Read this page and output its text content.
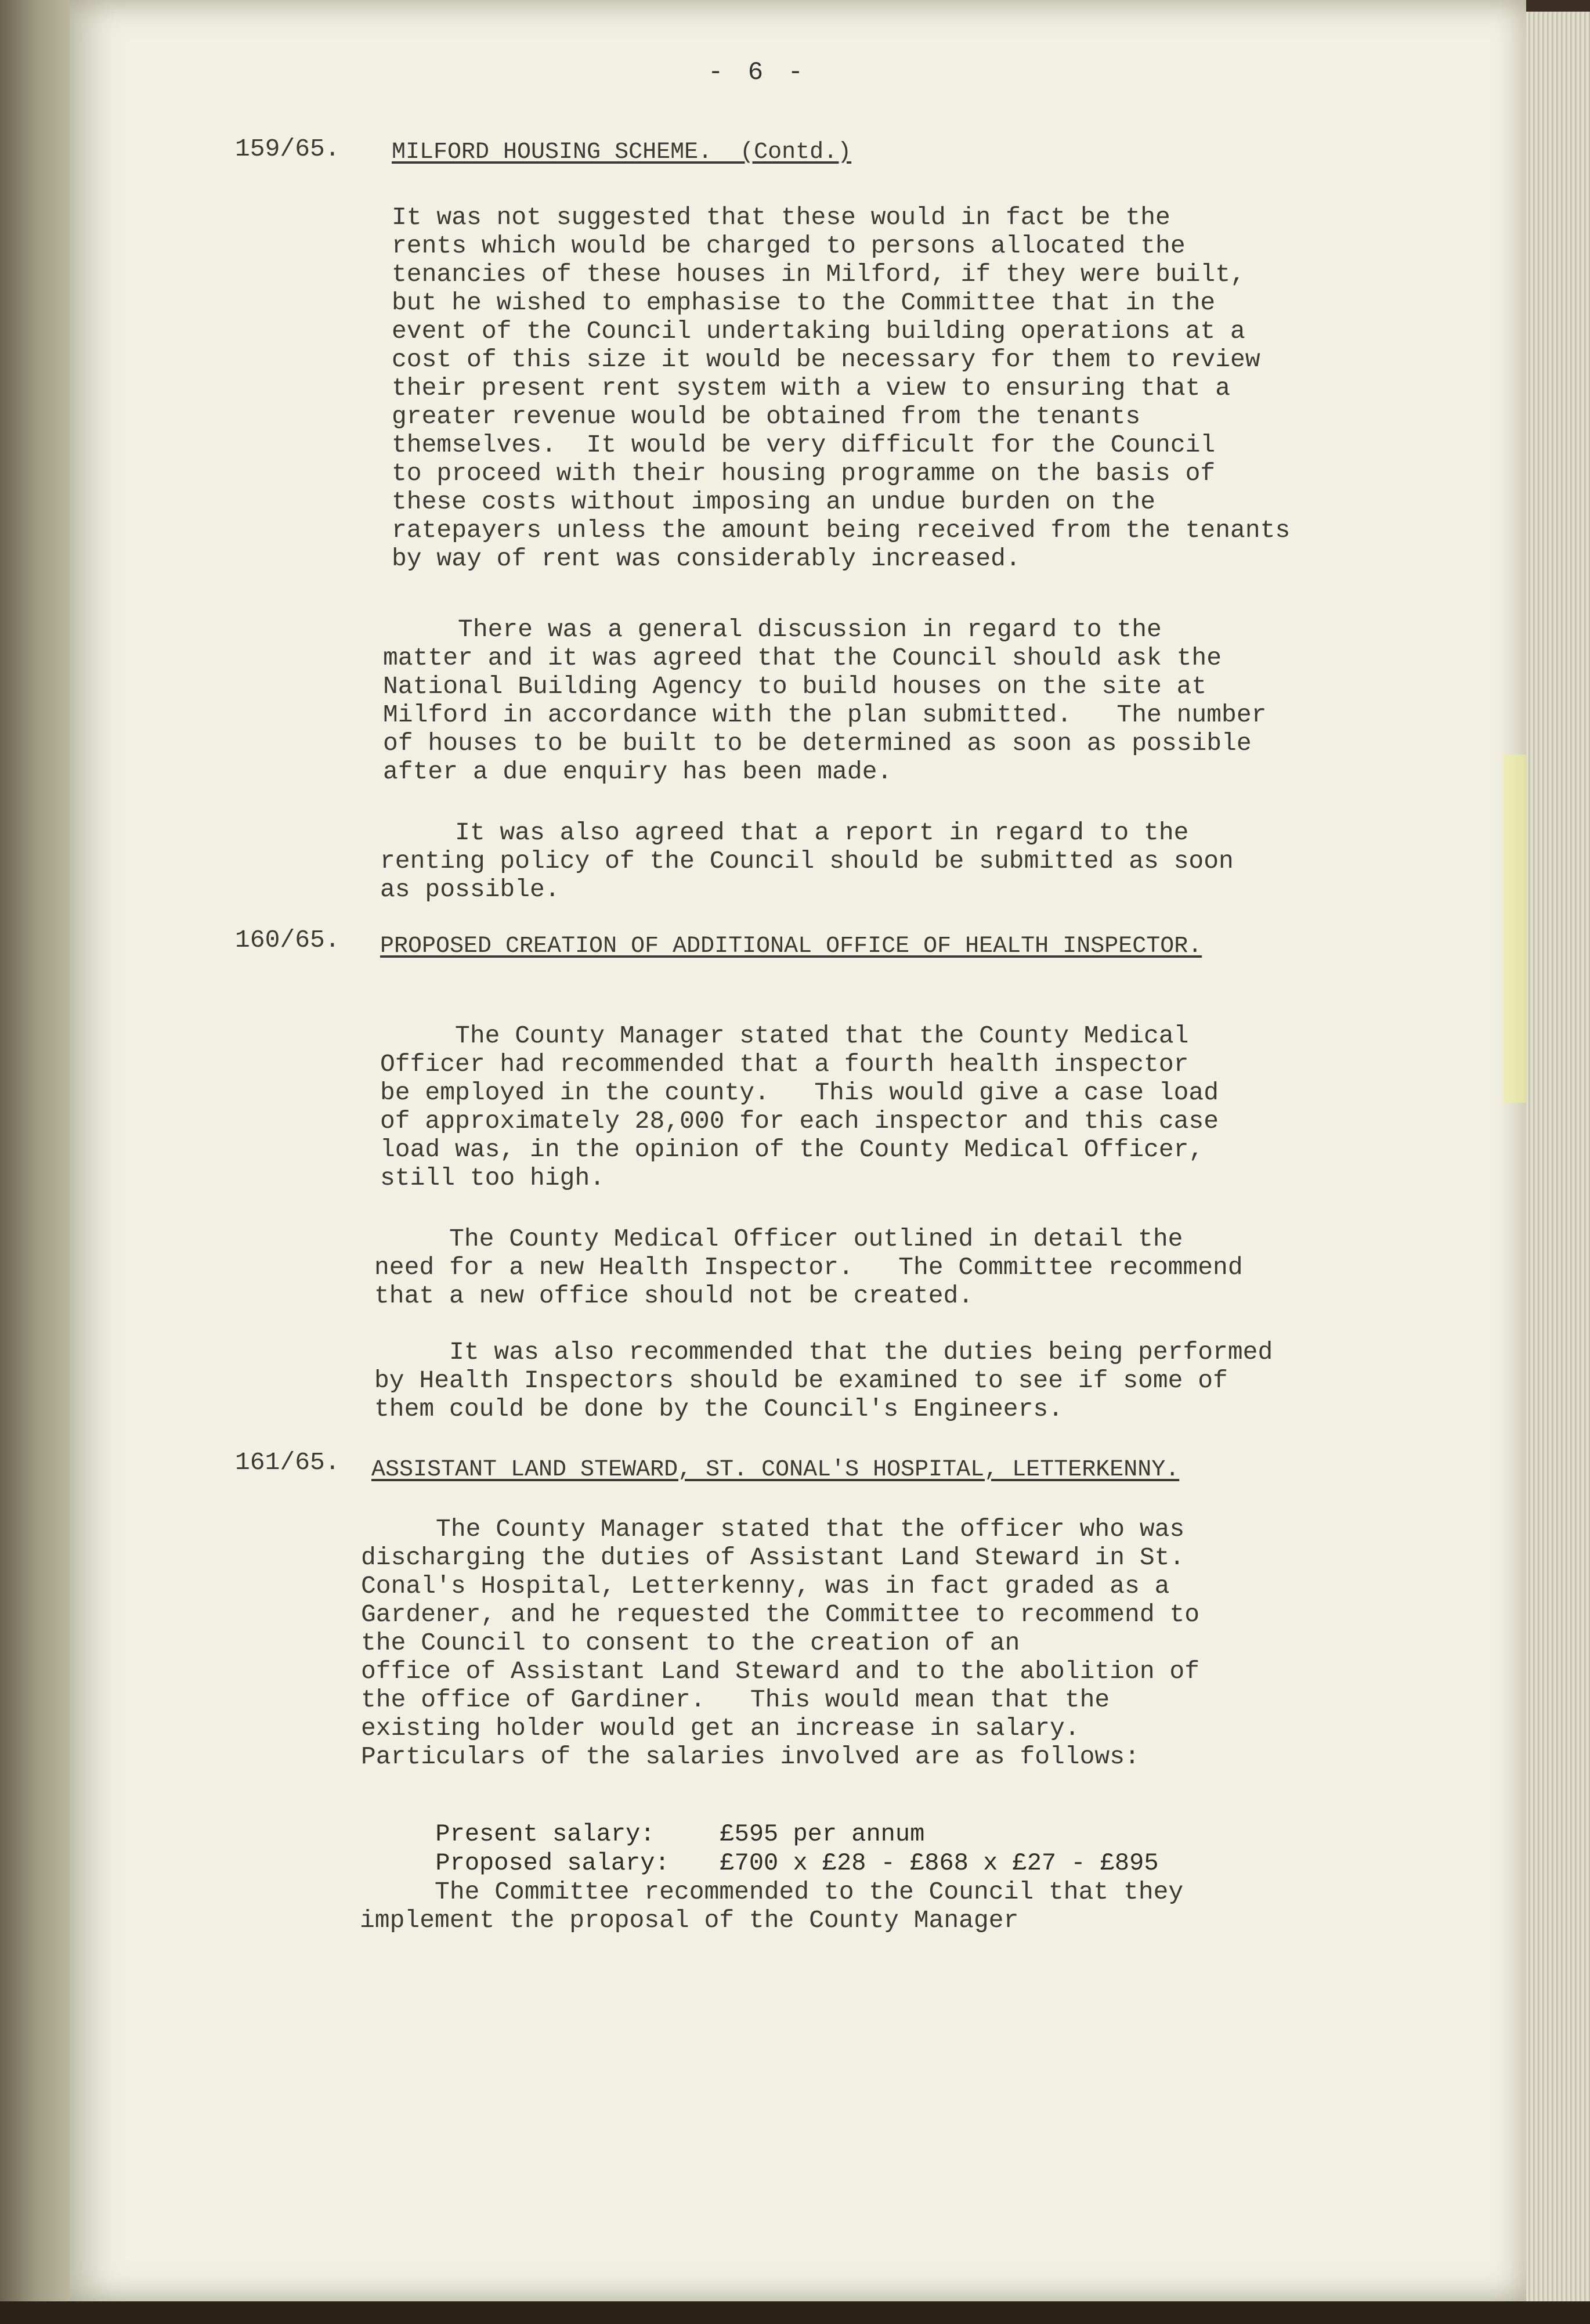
- 6 -
159/65. MILFORD HOUSING SCHEME.  (Contd.)
It was not suggested that these would in fact be the
rents which would be charged to persons allocated the
tenancies of these houses in Milford, if they were built,
but he wished to emphasise to the Committee that in the
event of the Council undertaking building operations at a
cost of this size it would be necessary for them to review
their present rent system with a view to ensuring that a
greater revenue would be obtained from the tenants
themselves.  It would be very difficult for the Council
to proceed with their housing programme on the basis of
these costs without imposing an undue burden on the
ratepayers unless the amount being received from the tenants
by way of rent was considerably increased.
There was a general discussion in regard to the
matter and it was agreed that the Council should ask the
National Building Agency to build houses on the site at
Milford in accordance with the plan submitted.   The number
of houses to be built to be determined as soon as possible
after a due enquiry has been made.
It was also agreed that a report in regard to the
renting policy of the Council should be submitted as soon
as possible.
160/65. PROPOSED CREATION OF ADDITIONAL OFFICE OF HEALTH INSPECTOR.
The County Manager stated that the County Medical
Officer had recommended that a fourth health inspector
be employed in the county.   This would give a case load
of approximately 28,000 for each inspector and this case
load was, in the opinion of the County Medical Officer,
still too high.
The County Medical Officer outlined in detail the
need for a new Health Inspector.   The Committee recommend
that a new office should not be created.
It was also recommended that the duties being performed
by Health Inspectors should be examined to see if some of
them could be done by the Council's Engineers.
161/65. ASSISTANT LAND STEWARD, ST. CONAL'S HOSPITAL, LETTERKENNY.
The County Manager stated that the officer who was
discharging the duties of Assistant Land Steward in St.
Conal's Hospital, Letterkenny, was in fact graded as a
Gardener, and he requested the Committee to recommend to
the Council to consent to the creation of an
office of Assistant Land Steward and to the abolition of
the office of Gardiner.   This would mean that the
existing holder would get an increase in salary.
Particulars of the salaries involved are as follows:

Present salary:	£595 per annum

Proposed salary: £700 x £28 - £868 x £27 - £895

The Committee recommended to the Council that they
implement the proposal of the County Manager
